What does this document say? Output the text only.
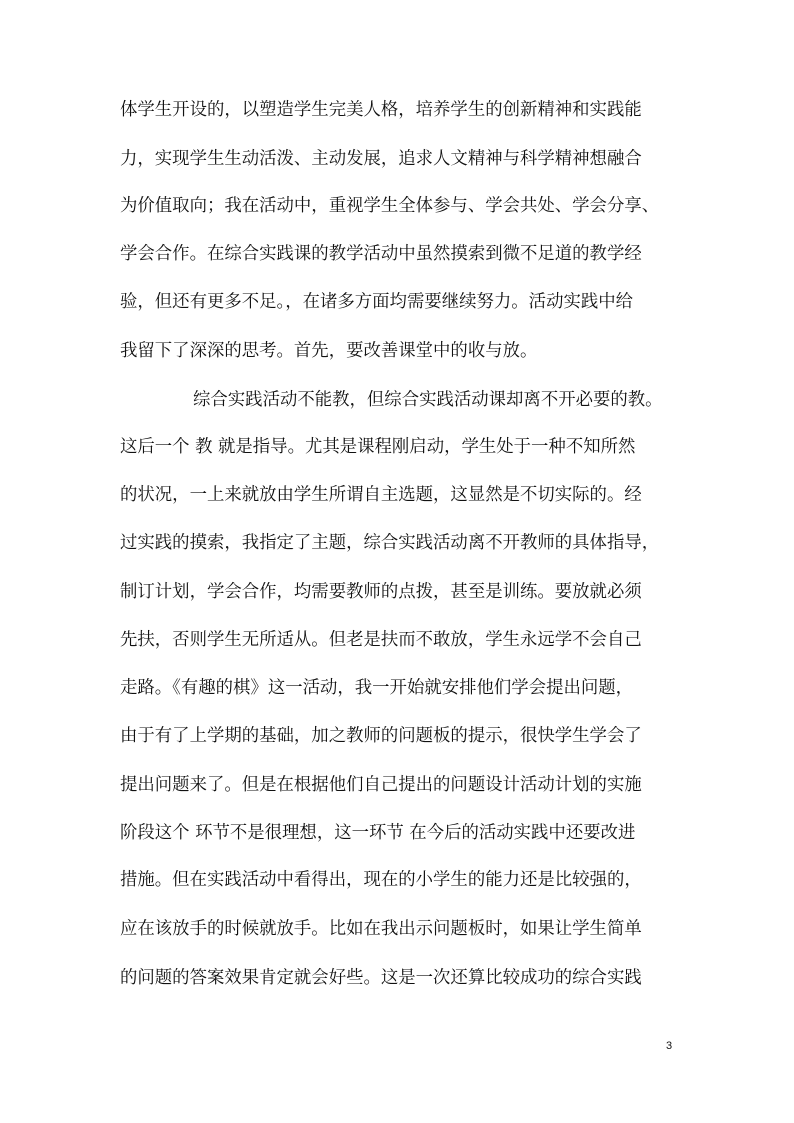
体学生开设的，以塑造学生完美人格，培养学生的创新精神和实践能
力，实现学生生动活泼、主动发展，追求人文精神与科学精神想融合
为价值取向；我在活动中，重视学生全体参与、学会共处、学会分享、
学会合作。在综合实践课的教学活动中虽然摸索到微不足道的教学经
验，但还有更多不足。，在诸多方面均需要继续努力。活动实践中给
我留下了深深的思考。首先，要改善课堂中的收与放。
综合实践活动不能教，但综合实践活动课却离不开必要的教。
这后一个 教 就是指导。尤其是课程刚启动，学生处于一种不知所然
的状况，一上来就放由学生所谓自主选题，这显然是不切实际的。经
过实践的摸索，我指定了主题，综合实践活动离不开教师的具体指导，
制订计划，学会合作，均需要教师的点拨，甚至是训练。要放就必须
先扶，否则学生无所适从。但老是扶而不敢放，学生永远学不会自己
走路。《有趣的棋》这一活动，我一开始就安排他们学会提出问题，
由于有了上学期的基础，加之教师的问题板的提示，很快学生学会了
提出问题来了。但是在根据他们自己提出的问题设计活动计划的实施
阶段这个 环节不是很理想，这一环节 在今后的活动实践中还要改进
措施。但在实践活动中看得出，现在的小学生的能力还是比较强的，
应在该放手的时候就放手。比如在我出示问题板时，如果让学生简单
的问题的答案效果肯定就会好些。这是一次还算比较成功的综合实践
3
